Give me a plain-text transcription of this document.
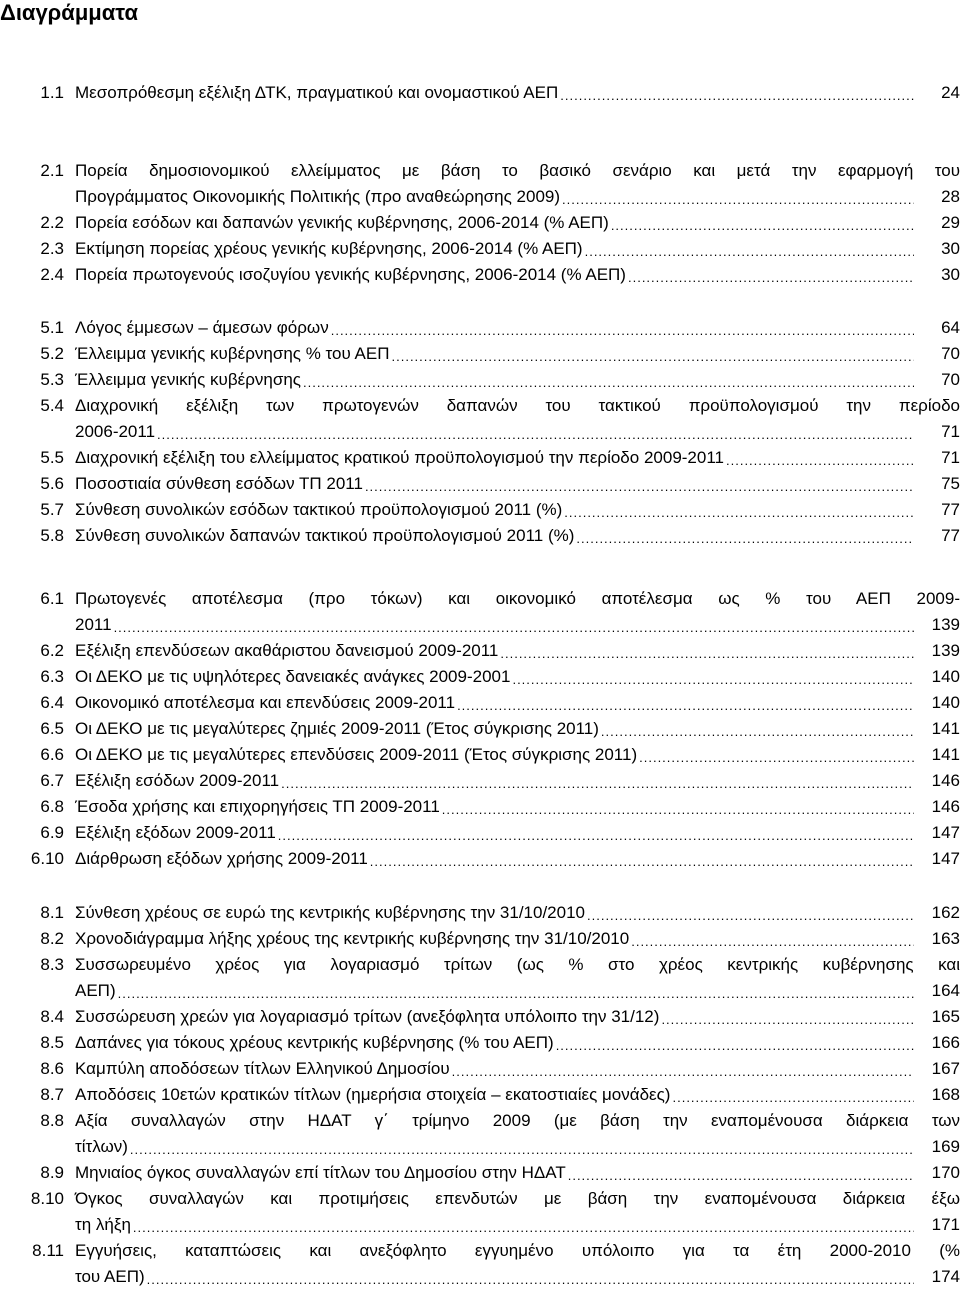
Διαγράμματα
1.1 Μεσοπρόθεσμη εξέλιξη ΔΤΚ, πραγματικού και ονομαστικού ΑΕΠ .....	24
2.1 Πορεία δημοσιονομικού ελλείμματος με βάση το βασικό σενάριο και μετά την εφαρμογή του
Προγράμματος Οικονομικής Πολιτικής (προ αναθεώρησης 2009) .....	28
2.2 Πορεία εσόδων και δαπανών γενικής κυβέρνησης, 2006-2014 (% ΑΕΠ) .....	29
2.3 Εκτίμηση πορείας χρέους γενικής κυβέρνησης, 2006-2014 (% ΑΕΠ) .....	30
2.4 Πορεία πρωτογενούς ισοζυγίου γενικής κυβέρνησης, 2006-2014 (% ΑΕΠ) .....	30
5.1 Λόγος έμμεσων – άμεσων φόρων .....	64
5.2 Έλλειμμα γενικής κυβέρνησης % του ΑΕΠ .....	70
5.3 Έλλειμμα γενικής κυβέρνησης .....	70
5.4 Διαχρονική εξέλιξη των πρωτογενών δαπανών του τακτικού προϋπολογισμού την περίοδο
2006-2011 .....	71
5.5 Διαχρονική εξέλιξη του ελλείμματος κρατικού προϋπολογισμού την περίοδο 2009-2011 .....	71
5.6 Ποσοστιαία σύνθεση εσόδων ΤΠ 2011 .....	75
5.7 Σύνθεση συνολικών εσόδων τακτικού προϋπολογισμού 2011 (%) .....	77
5.8 Σύνθεση συνολικών δαπανών τακτικού προϋπολογισμού 2011 (%) .....	77
6.1 Πρωτογενές αποτέλεσμα (προ τόκων) και οικονομικό αποτέλεσμα ως % του ΑΕΠ 2009-
2011 .....	139
6.2 Εξέλιξη επενδύσεων ακαθάριστου δανεισμού 2009-2011 .....	139
6.3 Οι ΔΕΚΟ με τις υψηλότερες δανειακές ανάγκες 2009-2001 .....	140
6.4 Οικονομικό αποτέλεσμα και επενδύσεις 2009-2011 .....	140
6.5 Οι ΔΕΚΟ με τις μεγαλύτερες ζημιές 2009-2011 (Έτος σύγκρισης 2011) .....	141
6.6 Οι ΔΕΚΟ με τις μεγαλύτερες επενδύσεις 2009-2011 (Έτος σύγκρισης 2011) .....	141
6.7 Εξέλιξη εσόδων 2009-2011 .....	146
6.8 Έσοδα χρήσης και επιχορηγήσεις ΤΠ 2009-2011 .....	146
6.9 Εξέλιξη εξόδων 2009-2011 .....	147
6.10 Διάρθρωση εξόδων χρήσης 2009-2011 .....	147
8.1 Σύνθεση χρέους σε ευρώ της κεντρικής κυβέρνησης την 31/10/2010 .....	162
8.2 Χρονοδιάγραμμα λήξης χρέους της κεντρικής κυβέρνησης την 31/10/2010 .....	163
8.3 Συσσωρευμένο χρέος για λογαριασμό τρίτων (ως % στο χρέος κεντρικής κυβέρνησης και
ΑΕΠ) .....	164
8.4 Συσσώρευση χρεών για λογαριασμό τρίτων (ανεξόφλητα υπόλοιπο την 31/12) .....	165
8.5 Δαπάνες για τόκους χρέους κεντρικής κυβέρνησης (% του ΑΕΠ) .....	166
8.6 Καμπύλη αποδόσεων τίτλων Ελληνικού Δημοσίου .....	167
8.7 Αποδόσεις 10ετών κρατικών τίτλων (ημερήσια στοιχεία – εκατοστιαίες μονάδες) .....	168
8.8 Αξία συναλλαγών στην ΗΔΑΤ γ΄ τρίμηνο 2009 (με βάση την εναπομένουσα διάρκεια των
τίτλων) .....	169
8.9 Μηνιαίος όγκος συναλλαγών επί τίτλων του Δημοσίου στην ΗΔΑΤ .....	170
8.10 Όγκος συναλλαγών και προτιμήσεις επενδυτών με βάση την εναπομένουσα διάρκεια έξω
τη λήξη .....	171
8.11 Εγγυήσεις, καταπτώσεις και ανεξόφλητο εγγυημένο υπόλοιπο για τα έτη 2000-2010 (%
του ΑΕΠ) .....	174
